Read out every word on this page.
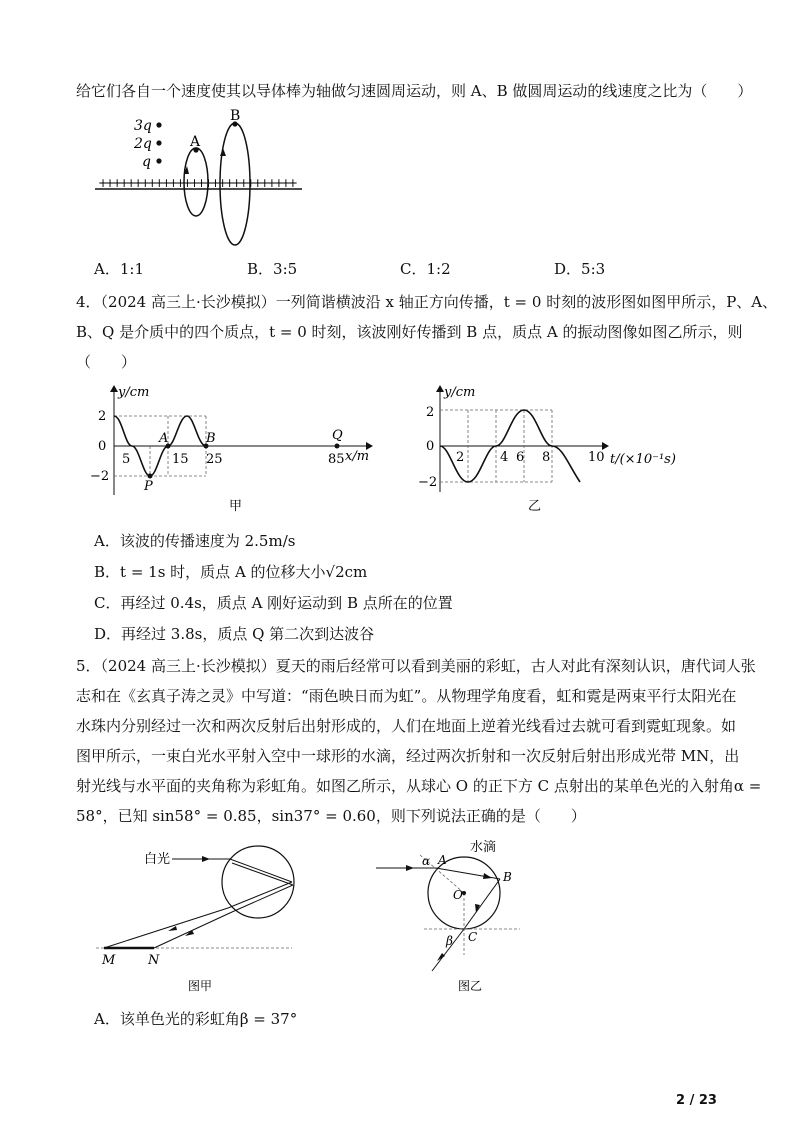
给它们各自一个速度使其以导体棒为轴做匀速圆周运动，则 A、B 做圆周运动的线速度之比为（　　）
3q
2q
q
++++++++++++++++++++++++++++
A
B
A．1:1	B．3:5	C．1:2	D．5:3
4．（2024 高三上·长沙模拟）一列简谐横波沿 x 轴正方向传播，t = 0 时刻的波形图如图甲所示，P、A、
B、Q 是介质中的四个质点，t = 0 时刻，该波刚好传播到 B 点，质点 A 的振动图像如图乙所示，则
（　　）
y/cm
x/m
2
0
−2
5	15 25	85
A	B
P
Q
甲
y/cm
t/(×10⁻¹s)
2
0
−2
2	4 6 8	10
乙
A．该波的传播速度为 2.5m/s
B．t = 1s 时，质点 A 的位移大小√2cm
C．再经过 0.4s，质点 A 刚好运动到 B 点所在的位置
D．再经过 3.8s，质点 Q 第二次到达波谷
5．（2024 高三上·长沙模拟）夏天的雨后经常可以看到美丽的彩虹，古人对此有深刻认识，唐代词人张
志和在《玄真子涛之灵》中写道：“雨色映日而为虹”。从物理学角度看，虹和霓是两束平行太阳光在
水珠内分别经过一次和两次反射后出射形成的，人们在地面上逆着光线看过去就可看到霓虹现象。如
图甲所示，一束白光水平射入空中一球形的水滴，经过两次折射和一次反射后射出形成光带 MN，出
射光线与水平面的夹角称为彩虹角。如图乙所示，从球心 O 的正下方 C 点射出的某单色光的入射角α =
58°，已知 sin58° = 0.85，sin37° = 0.60，则下列说法正确的是（　　）
白光
M	N
图甲
水滴
O
A
B
C
α
β
图乙
A．该单色光的彩虹角β = 37°
2 / 23
